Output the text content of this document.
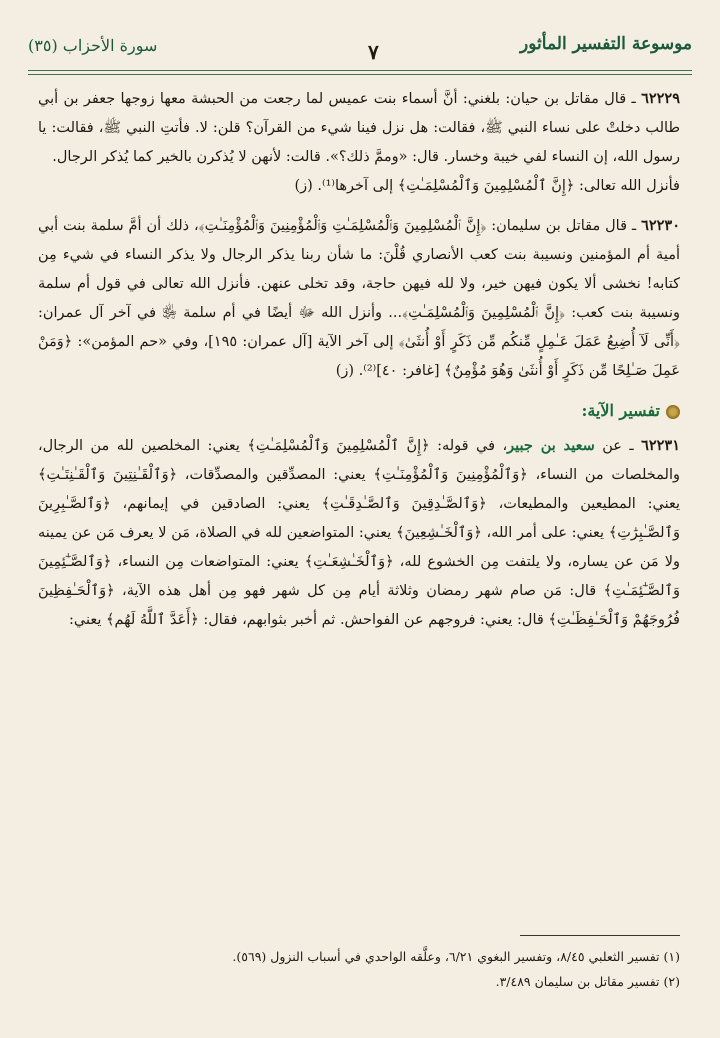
موسوعة التفسير المأثور
٧
سورة الأحزاب (٣٥)

٦٢٢٢٩ ـ قال مقاتل بن حيان: بلغني: أنَّ أسماء بنت عميس لما رجعت من الحبشة معها زوجها جعفر بن أبي طالب دخلتْ على نساء النبي ﷺ، فقالت: هل نزل فينا شيء من القرآن؟ قلن: لا. فأتتِ النبي ﷺ، فقالت: يا رسول الله، إن النساء لفي خيبة وخسار. قال: «وممَّ ذلك؟». قالت: لأنهن لا يُذكرن بالخير كما يُذكر الرجال.

فأنزل الله تعالى: ﴿إِنَّ ٱلْمُسْلِمِينَ وَٱلْمُسْلِمَـٰتِ﴾ إلى آخرها⁽¹⁾. (ز)

٦٢٢٣٠ ـ قال مقاتل بن سليمان: ﴿إِنَّ ٱلْمُسْلِمِينَ وَٱلْمُسْلِمَـٰتِ وَٱلْمُؤْمِنِينَ وَٱلْمُؤْمِنَـٰتِ﴾، ذلك أن أمَّ سلمة بنت أبي أمية أم المؤمنين ونسيبة بنت كعب الأنصاري قُلْنَ: ما شأن ربنا يذكر الرجال ولا يذكر النساء في شيء مِن كتابه! نخشى ألا يكون فيهن خير، ولا لله فيهن حاجة، وقد تخلى عنهن. فأنزل الله تعالى في قول أم سلمة ونسيبة بنت كعب: ﴿إِنَّ ٱلْمُسْلِمِينَ وَٱلْمُسْلِمَـٰتِ﴾... وأنزل الله ﷻ أيضًا في أم سلمة ﵂ في آخر آل عمران: ﴿أَنِّى لَآ أُضِيعُ عَمَلَ عَـٰمِلٍ مِّنكُم مِّن ذَكَرٍ أَوْ أُنثَىٰ﴾ إلى آخر الآية [آل عمران: ١٩٥]، وفي «حم المؤمن»: ﴿وَمَنْ عَمِلَ صَـٰلِحًا مِّن ذَكَرٍ أَوْ أُنثَىٰ وَهُوَ مُؤْمِنٌ﴾ [غافر: ٤٠]⁽²⁾. (ز)

تفسير الآية:

٦٢٢٣١ ـ عن سعيد بن جبير، في قوله: ﴿إِنَّ ٱلْمُسْلِمِينَ وَٱلْمُسْلِمَـٰتِ﴾ يعني: المخلصين لله من الرجال، والمخلصات من النساء، ﴿وَٱلْمُؤْمِنِينَ وَٱلْمُؤْمِنَـٰتِ﴾ يعني: المصدِّقين والمصدِّقات، ﴿وَٱلْقَـٰنِتِينَ وَٱلْقَـٰنِتَـٰتِ﴾ يعني: المطيعين والمطيعات، ﴿وَٱلصَّـٰدِقِينَ وَٱلصَّـٰدِقَـٰتِ﴾ يعني: الصادقين في إيمانهم، ﴿وَٱلصَّـٰبِرِينَ وَٱلصَّـٰبِرَٰتِ﴾ يعني: على أمر الله، ﴿وَٱلْخَـٰشِعِينَ﴾ يعني: المتواضعين لله في الصلاة، مَن لا يعرف مَن عن يمينه ولا مَن عن يساره، ولا يلتفت مِن الخشوع لله، ﴿وَٱلْخَـٰشِعَـٰتِ﴾ يعني: المتواضعات مِن النساء، ﴿وَٱلصَّـٰٓئِمِينَ وَٱلصَّـٰٓئِمَـٰتِ﴾ قال: مَن صام شهر رمضان وثلاثة أيام مِن كل شهر فهو مِن أهل هذه الآية، ﴿وَٱلْحَـٰفِظِينَ فُرُوجَهُمْ وَٱلْحَـٰفِظَـٰتِ﴾ قال: يعني: فروجهم عن الفواحش. ثم أخبر بثوابهم، فقال: ﴿أَعَدَّ ٱللَّهُ لَهُم﴾ يعني:

(١) تفسير الثعلبي ٨/٤٥، وتفسير البغوي ٦/٢١، وعلَّقه الواحدي في أسباب النزول (٥٦٩).

(٢) تفسير مقاتل بن سليمان ٣/٤٨٩.
